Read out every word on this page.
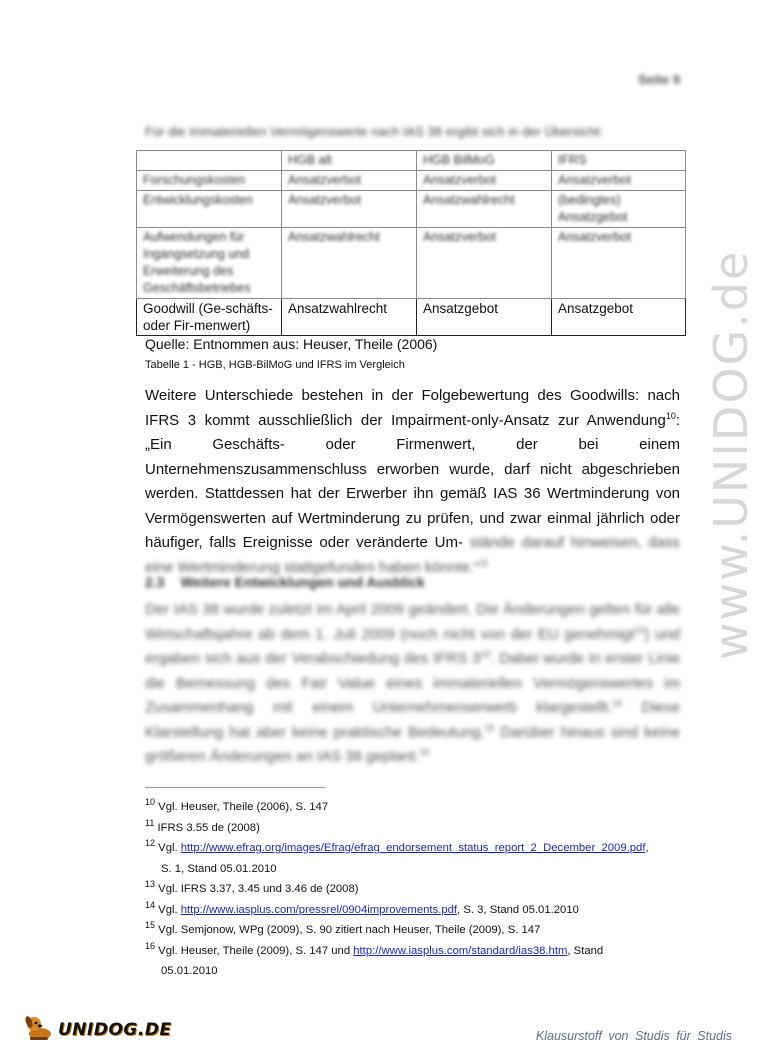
www.UNIDOG.de
Seite 9
Für die immateriellen Vermögenswerte nach IAS 38 ergibt sich in der Übersicht:
	HGB alt	HGB BilMoG	IFRS
Forschungskosten	Ansatzverbot	Ansatzverbot	Ansatzverbot
Entwicklungskosten	Ansatzverbot	Ansatzwahlrecht	(bedingtes) Ansatzgebot
Aufwendungen für Ingangsetzung und Erweiterung des Geschäftsbetriebes	Ansatzwahlrecht	Ansatzverbot	Ansatzverbot
Goodwill (Ge-schäfts- oder Fir-menwert)	Ansatzwahlrecht	Ansatzgebot	Ansatzgebot
Quelle: Entnommen aus: Heuser, Theile (2006)
Tabelle 1 - HGB, HGB-BilMoG und IFRS im Vergleich

Weitere Unterschiede bestehen in der Folgebewertung des Goodwills: nach IFRS 3 kommt ausschließlich der Impairment-only-Ansatz zur Anwendung$^{10}$: „Ein Geschäfts- oder Firmenwert, der bei einem Unternehmenszusammenschluss erworben wurde, darf nicht abgeschrieben werden. Stattdessen hat der Erwerber ihn gemäß IAS 36 Wertminderung von Vermögenswerten auf Wertminderung zu prüfen, und zwar einmal jährlich oder häufiger, falls Ereignisse oder veränderte Um- stände darauf hinweisen, dass eine Wertminderung stattgefunden haben könnte.“$^{11}$

2.3 Weitere Entwicklungen und Ausblick

Der IAS 38 wurde zuletzt im April 2009 geändert. Die Änderungen gelten für alle Wirtschaftsjahre ab dem 1. Juli 2009 (noch nicht von der EU genehmigt$^{12}$) und ergaben sich aus der Verabschiedung des IFRS $3^{13}$. Dabei wurde in erster Linie die Bemessung des Fair Value eines immateriellen Vermögenswertes im Zusammenhang mit einem Unternehmenserwerb klargestellt.$^{14}$ Diese Klarstellung hat aber keine praktische Bedeutung.$^{15}$ Darüber hinaus sind keine größeren Änderungen an IAS 38 geplant.$^{16}$

$^{10}$ Vgl. Heuser, Theile (2006), S. 147
$^{11}$ IFRS 3.55 de (2008)
$^{12}$ Vgl. http://www.efrag.org/images/Efrag/efrag_endorsement_status_report_2_December_2009.pdf,
S. 1, Stand 05.01.2010
$^{13}$ Vgl. IFRS 3.37, 3.45 und 3.46 de (2008)
$^{14}$ Vgl. http://www.iasplus.com/pressrel/0904improvements.pdf, S. 3, Stand 05.01.2010
$^{15}$ Vgl. Semjonow, WPg (2009), S. 90 zitiert nach Heuser, Theile (2009), S. 147
$^{16}$ Vgl. Heuser, Theile (2009), S. 147 und http://www.iasplus.com/standard/ias38.htm, Stand
05.01.2010
UNIDOG.DE	Klausurstoff von Studis für Studis
